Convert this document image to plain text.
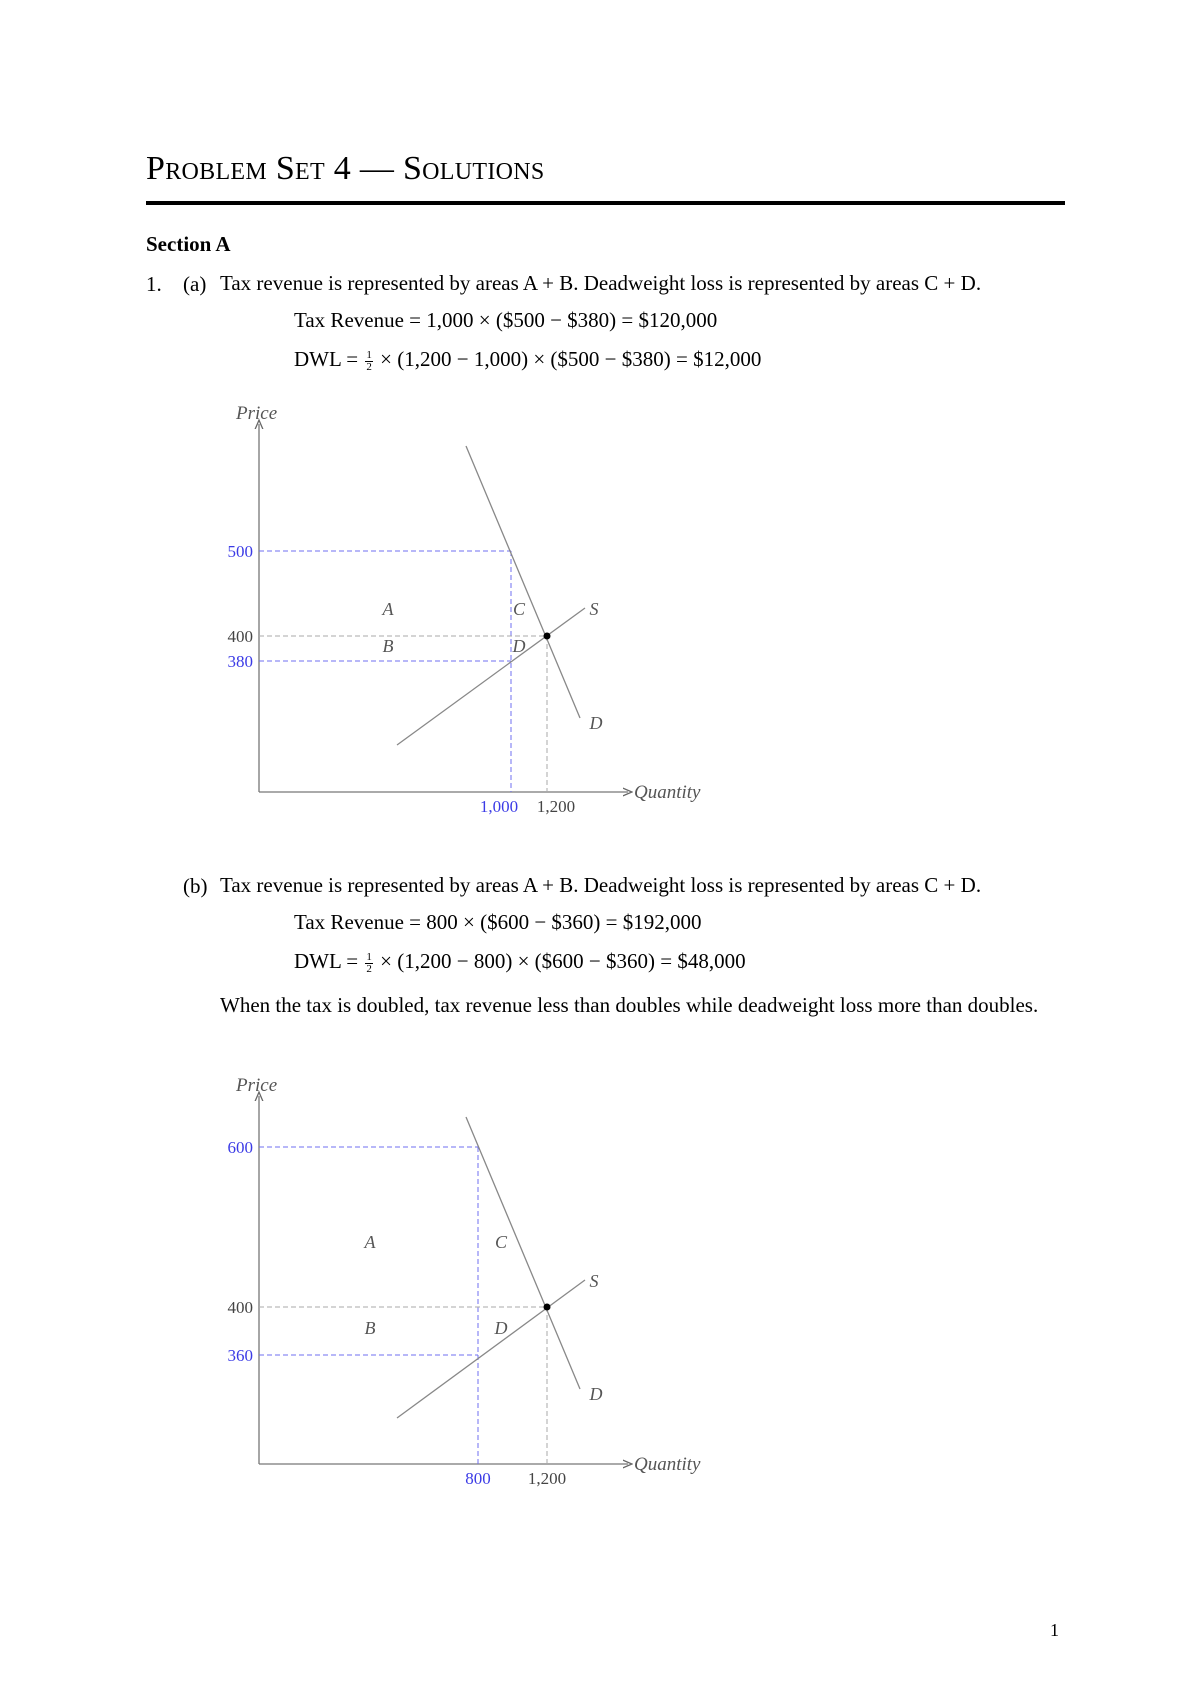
Problem Set 4 — Solutions
Section A
1. (a) Tax revenue is represented by areas A + B. Deadweight loss is represented by areas C + D.
Tax Revenue = 1,000 × ($500 − $380) = $120,000
DWL = $\frac{1}{2} \times (1,200 - 1,000)$ × ($500 − $380) = $12,000
Price
Quantity
500
400
380
1,000 1,200
A
B
C
D
S
D
(b) Tax revenue is represented by areas A + B. Deadweight loss is represented by areas C + D.
Tax Revenue = 800 × ($600 − $360) = $192,000
DWL = $\frac{1}{2} \times (1,200 - 800)$ × ($600 − $360) = $48,000
When the tax is doubled, tax revenue less than doubles while deadweight loss more than doubles.
Price
Quantity
600
400
360
800 1,200
A
B
C
D
S
D
1
